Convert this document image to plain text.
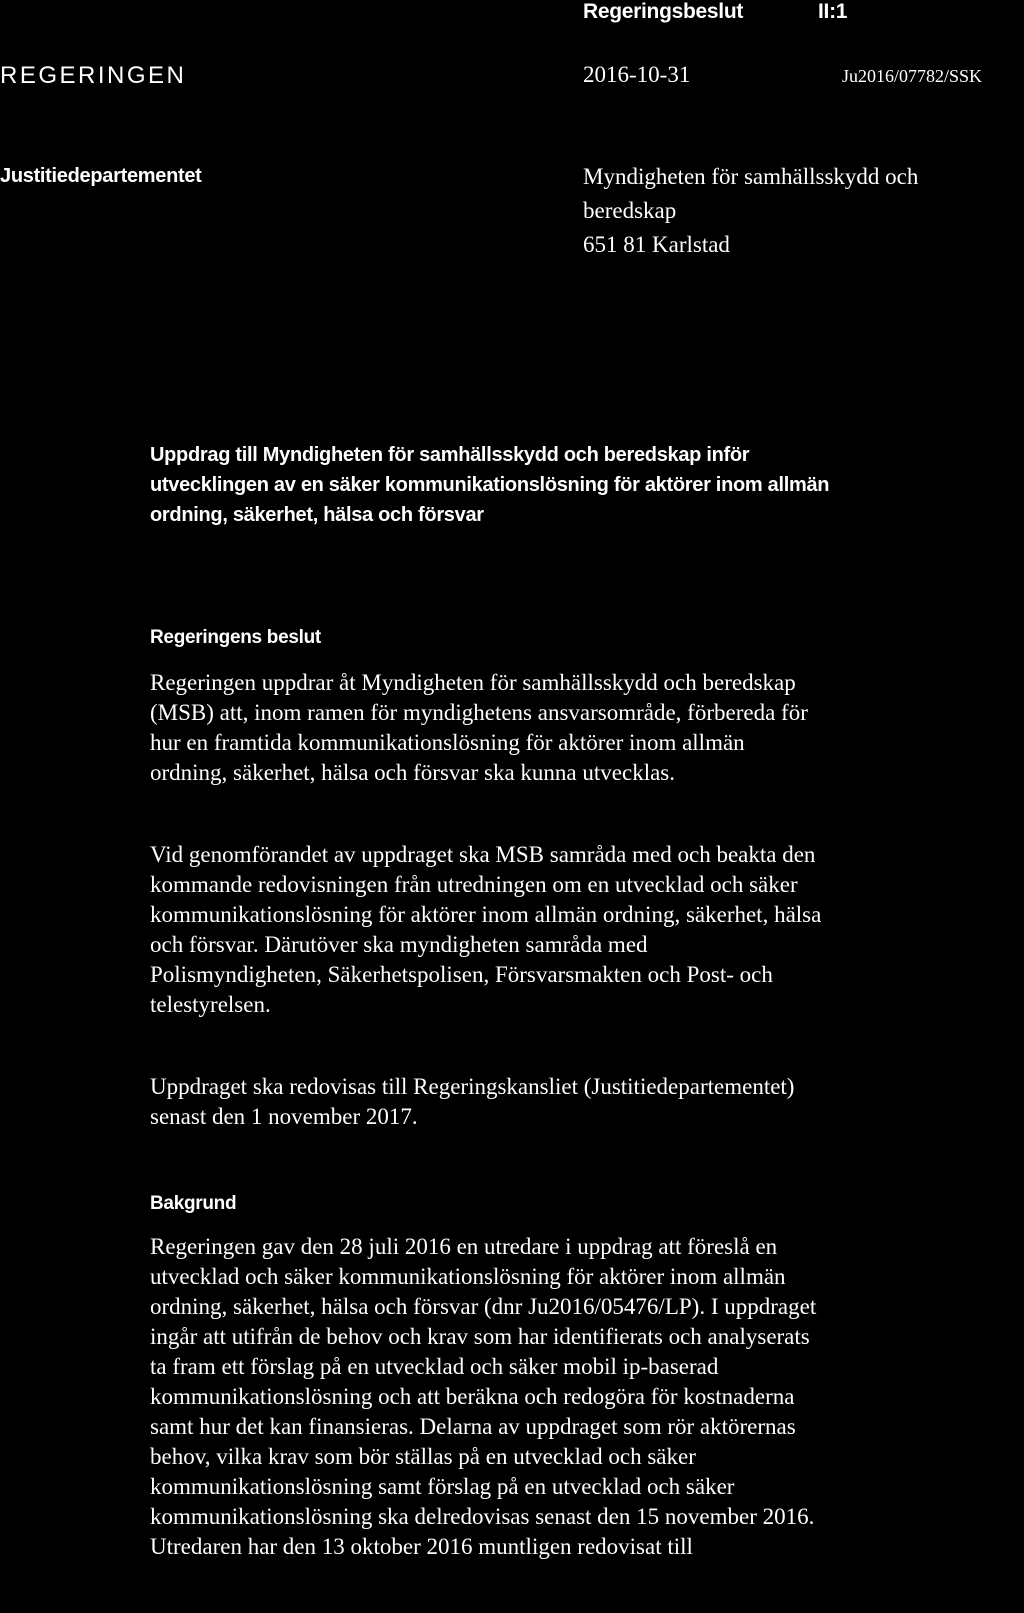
Regeringsbeslut	II:1
REGERINGEN	2016-10-31	Ju2016/07782/SSK
Justitiedepartementet	Myndigheten för samhällsskydd och
beredskap
651 81 Karlstad
Uppdrag till Myndigheten för samhällsskydd och beredskap inför
utvecklingen av en säker kommunikationslösning för aktörer inom allmän
ordning, säkerhet, hälsa och försvar
Regeringens beslut
Regeringen uppdrar åt Myndigheten för samhällsskydd och beredskap
(MSB) att, inom ramen för myndighetens ansvarsområde, förbereda för
hur en framtida kommunikationslösning för aktörer inom allmän
ordning, säkerhet, hälsa och försvar ska kunna utvecklas.
Vid genomförandet av uppdraget ska MSB samråda med och beakta den
kommande redovisningen från utredningen om en utvecklad och säker
kommunikationslösning för aktörer inom allmän ordning, säkerhet, hälsa
och försvar. Därutöver ska myndigheten samråda med
Polismyndigheten, Säkerhetspolisen, Försvarsmakten och Post- och
telestyrelsen.
Uppdraget ska redovisas till Regeringskansliet (Justitiedepartementet)
senast den 1 november 2017.
Bakgrund
Regeringen gav den 28 juli 2016 en utredare i uppdrag att föreslå en
utvecklad och säker kommunikationslösning för aktörer inom allmän
ordning, säkerhet, hälsa och försvar (dnr Ju2016/05476/LP). I uppdraget
ingår att utifrån de behov och krav som har identifierats och analyserats
ta fram ett förslag på en utvecklad och säker mobil ip-baserad
kommunikationslösning och att beräkna och redogöra för kostnaderna
samt hur det kan finansieras. Delarna av uppdraget som rör aktörernas
behov, vilka krav som bör ställas på en utvecklad och säker
kommunikationslösning samt förslag på en utvecklad och säker
kommunikationslösning ska delredovisas senast den 15 november 2016.
Utredaren har den 13 oktober 2016 muntligen redovisat till
